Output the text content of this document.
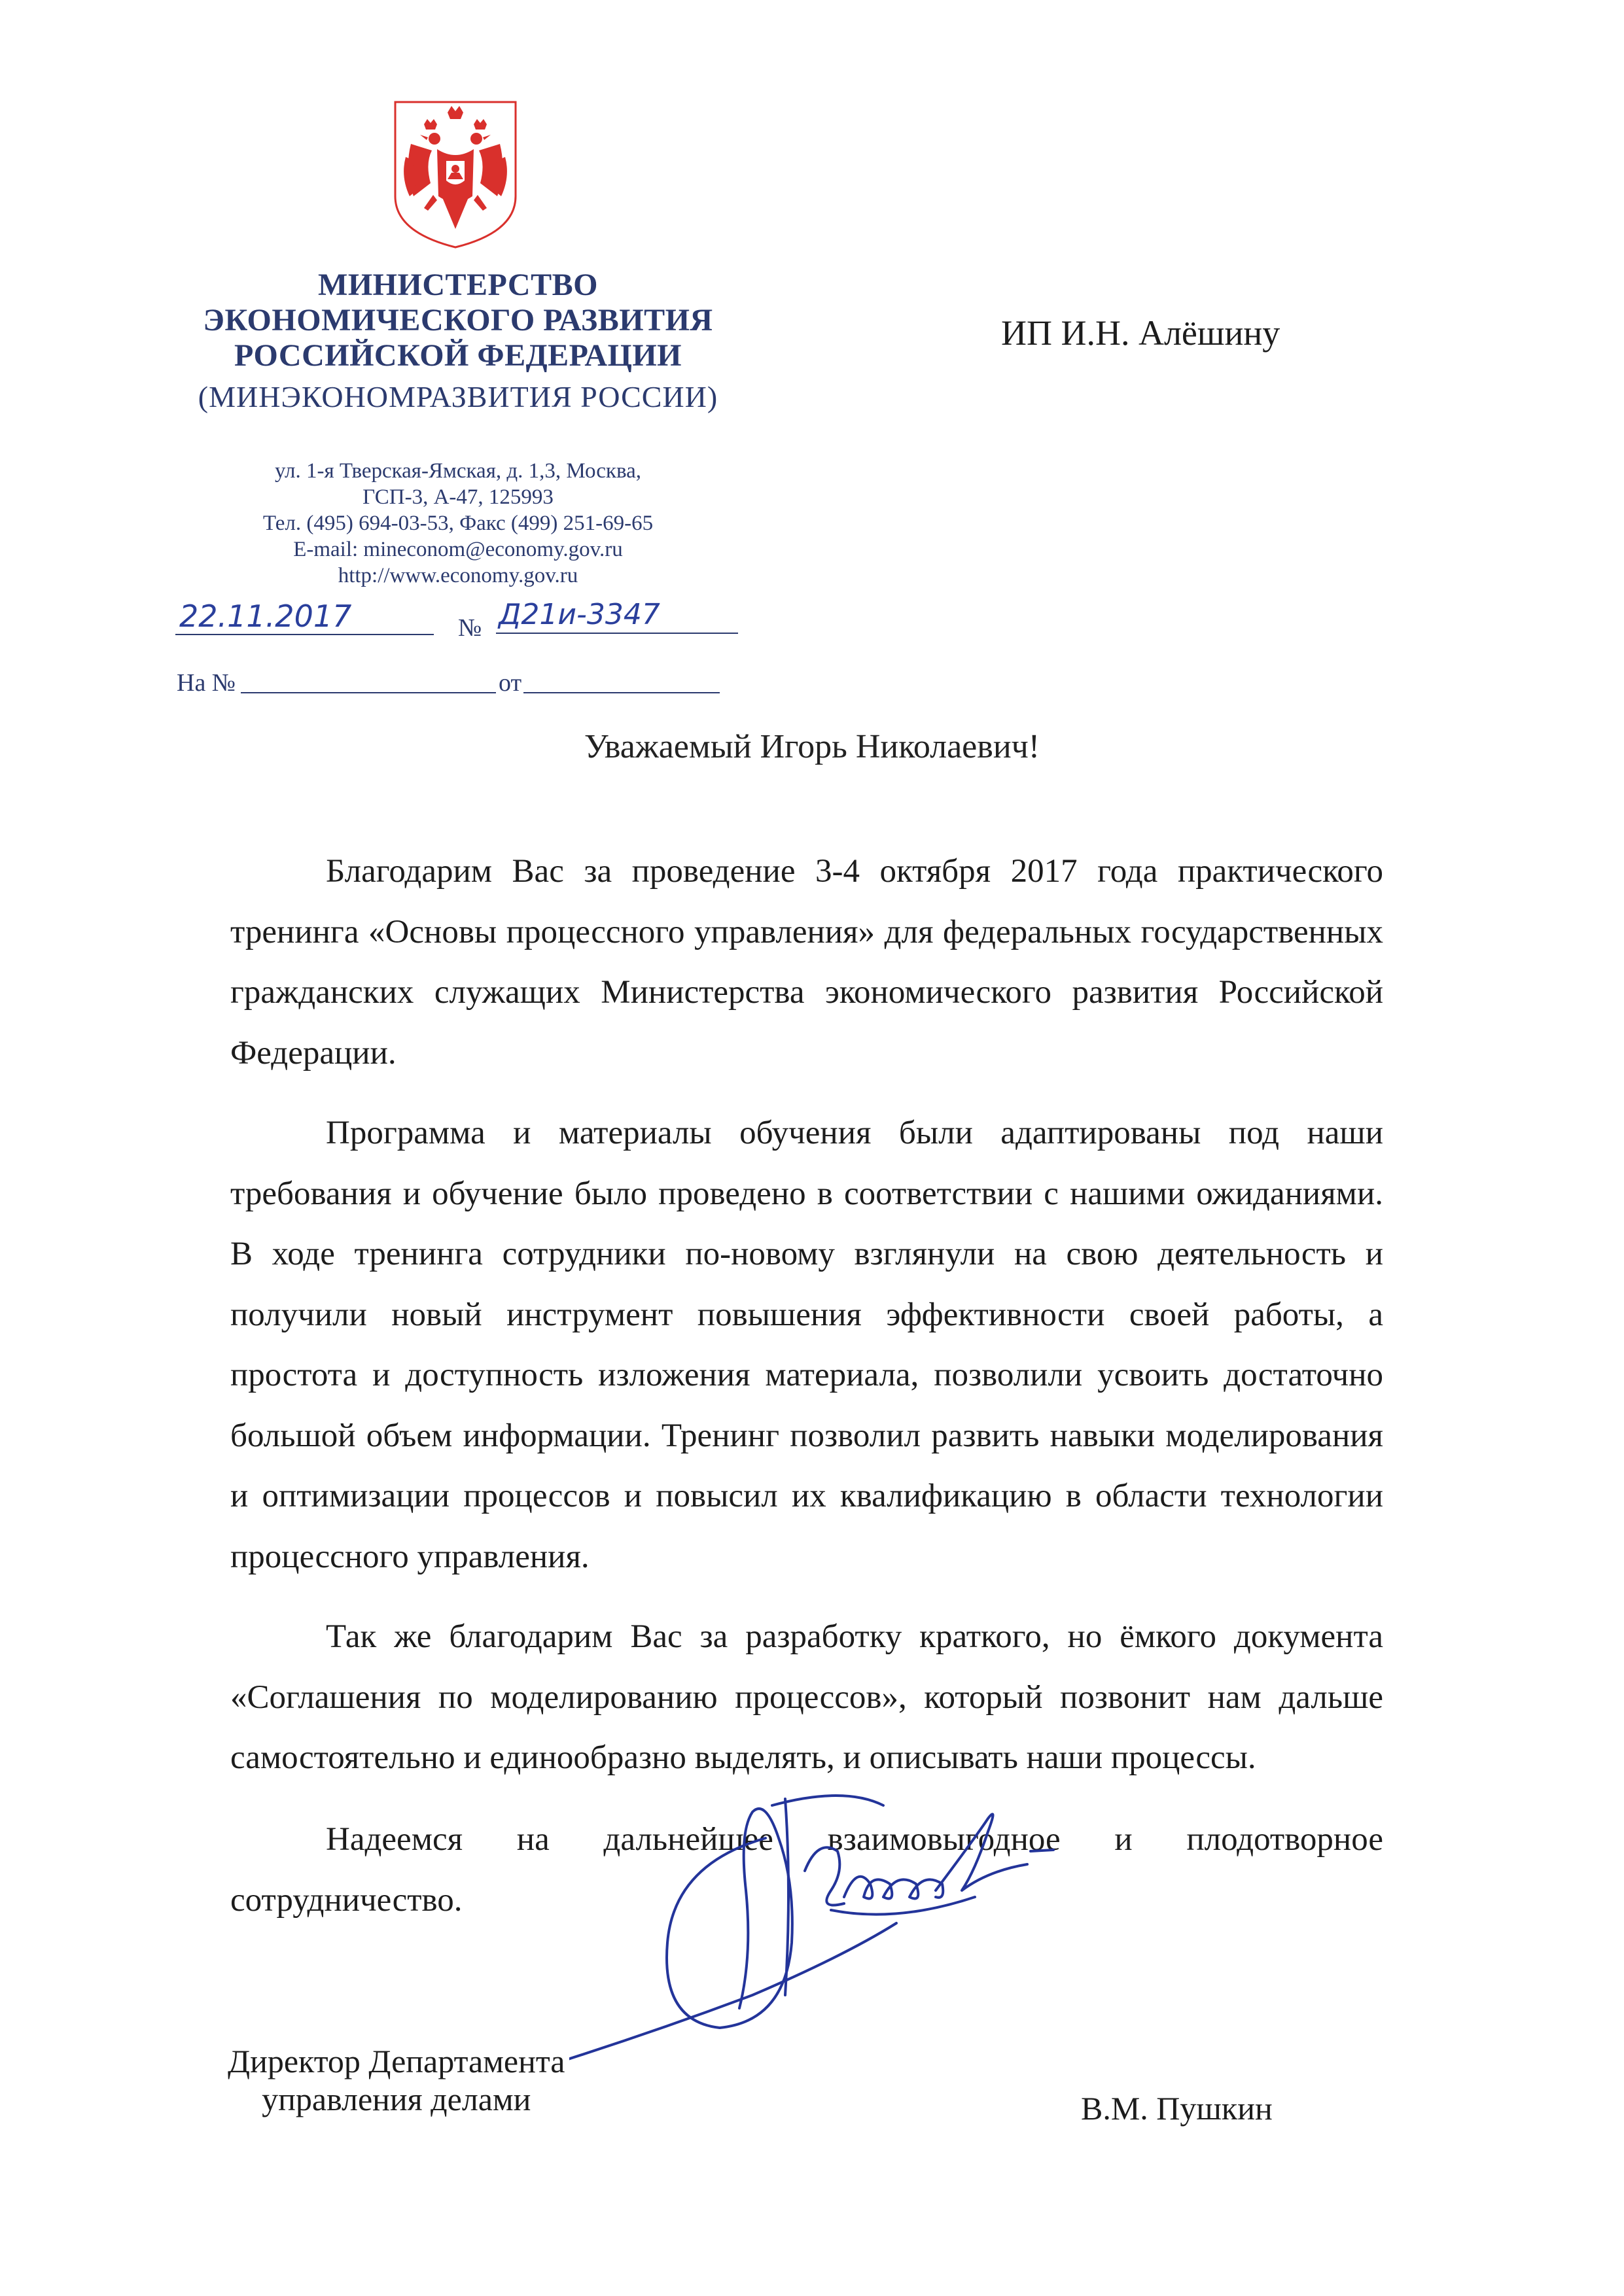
МИНИСТЕРСТВО
ЭКОНОМИЧЕСКОГО РАЗВИТИЯ
РОССИЙСКОЙ ФЕДЕРАЦИИ
(МИНЭКОНОМРАЗВИТИЯ РОССИИ)
ул. 1-я Тверская-Ямская, д. 1,3, Москва,
ГСП-3, А-47, 125993
Тел. (495) 694-03-53, Факс (499) 251-69-65
E-mail: mineconom@economy.gov.ru
http://www.economy.gov.ru
ИП И.Н. Алёшину
22.11.2017	№ Д21и-3347
На №	от
Уважаемый Игорь Николаевич!
Благодарим Вас за проведение 3-4 октября 2017 года практического тренинга «Основы процессного управления» для федеральных государственных гражданских служащих Министерства экономического развития Российской Федерации.
Программа и материалы обучения были адаптированы под наши требования и обучение было проведено в соответствии с нашими ожиданиями. В ходе тренинга сотрудники по-новому взглянули на свою деятельность и получили новый инструмент повышения эффективности своей работы, а простота и доступность изложения материала, позволили усвоить достаточно большой объем информации. Тренинг позволил развить навыки моделирования и оптимизации процессов и повысил их квалификацию в области технологии процессного управления.
Так же благодарим Вас за разработку краткого, но ёмкого документа «Соглашения по моделированию процессов», который позвонит нам дальше самостоятельно и единообразно выделять, и описывать наши процессы.
Надеемся на дальнейшее взаимовыгодное и плодотворное сотрудничество.
Директор Департамента
управления делами	В.М. Пушкин
